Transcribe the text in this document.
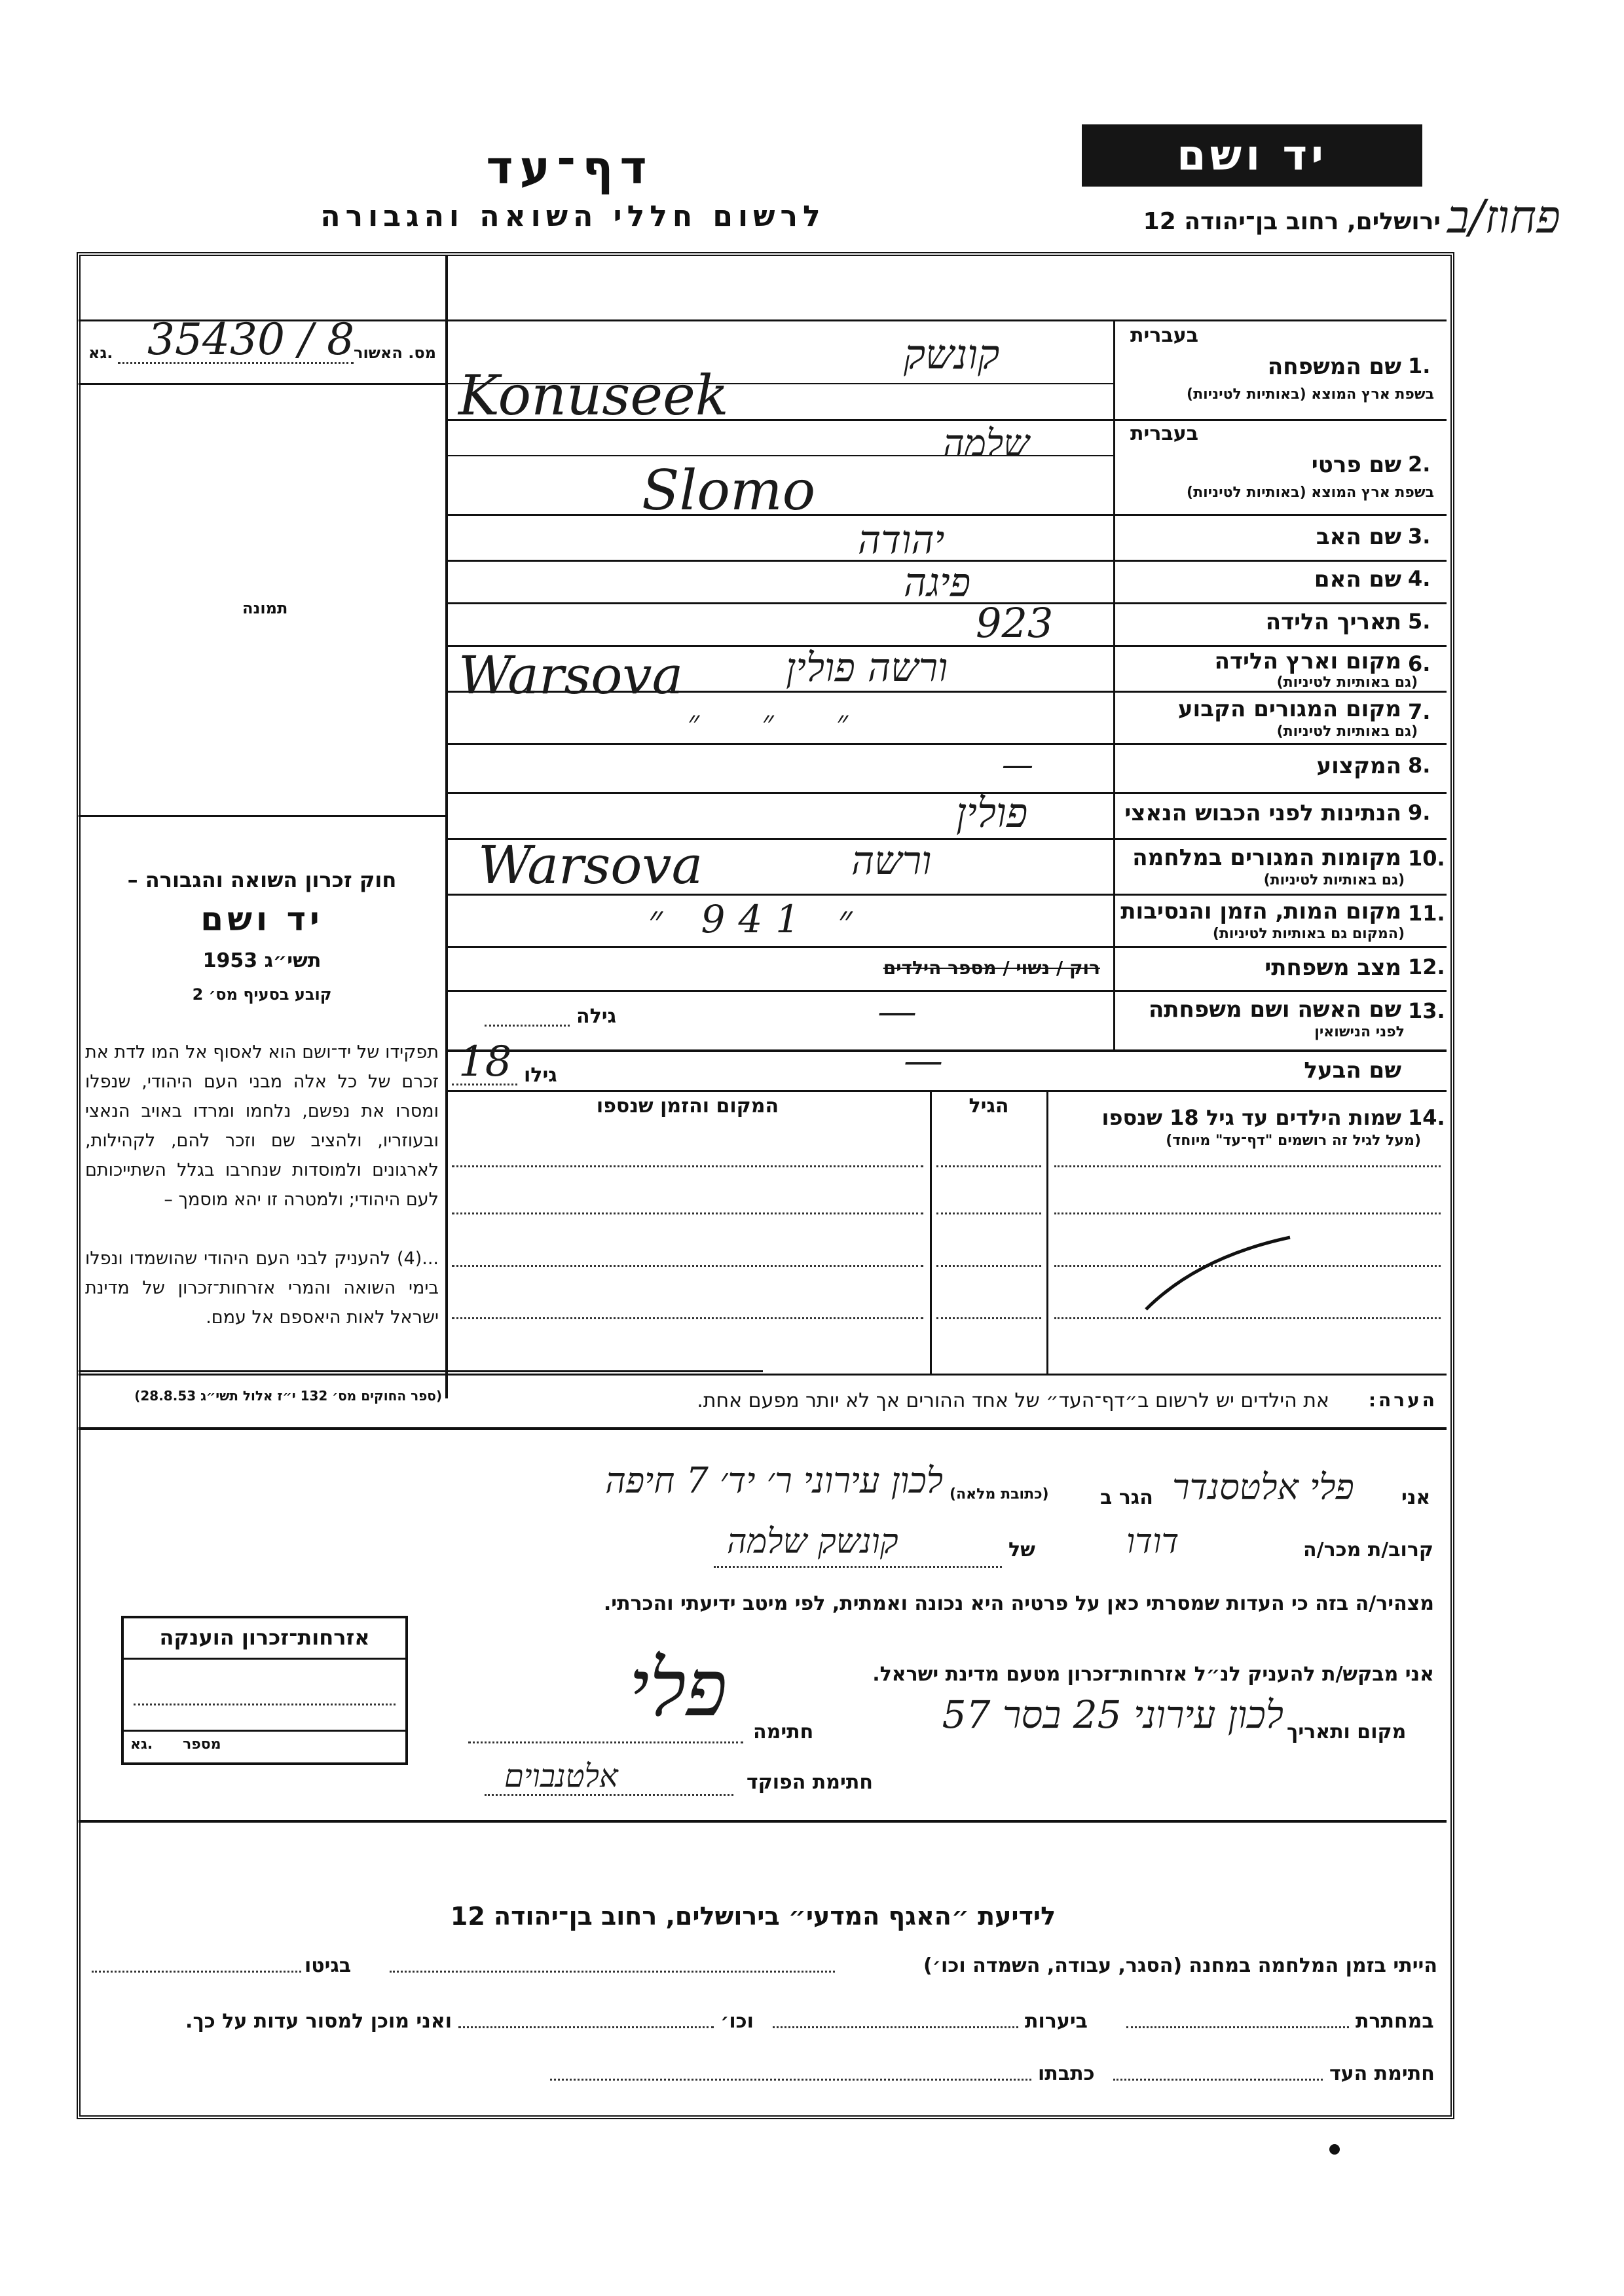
יד ושם
פחוז/ב
דף־עד
לרשום חללי השואה והגבורה	ירושלים, רחוב בן־יהודה 12
מס. האשור
גא. 35430 / 8
תמונה
בעברית
1.
שם המשפחה
בשפת ארץ המוצא (באותיות לטיניות)
קונשק
Konuseek
בעברית
2.
שם פרטי
בשפת ארץ המוצא (באותיות לטיניות)
שלמה
Slomo
3.
שם האב
יהודה
4.
שם האם
פיגה
5.
תאריך הלידה
923
6.
מקום וארץ הלידה
(גם באותיות לטיניות)
ורשה פולין
Warsova
7.
מקום המגורים הקבוע
(גם באותיות לטיניות)
״ ״ ״
8.
המקצוע
—
9.
הנתינות לפני הכבוש הנאצי
פולין
10.
מקומות המגורים במלחמה
(גם באותיות לטיניות)
ורשה
Warsova
11.
מקום המות, הזמן והנסיבות
(המקום גם באותיות לטיניות)
״ 941 ״
12.
מצב משפחתי
רוק / נשוי / מספר הילדים
13.
שם האשה ושם משפחתה
לפני הנישואין
—
גילה
שם הבעל
—
גילו
18
14.
שמות הילדים עד גיל 18 שנספו
(מעל לגיל זה רושמים "דף־עד" מיוחד)
הגיל
המקום והזמן שנספו
חוק זכרון השואה והגבורה –
יד ושם
תשי״ג 1953
קובע בסעיף מס׳ 2
תפקידו של יד־ושם הוא לאסוף אל המו לדת את זכרם של כל אלה מבני העם היהודי, שנפלו ומסרו את נפשם, נלחמו ומרדו באויב הנאצי ובעוזריו, ולהציב שם וזכר להם, לקהילות, לארגונים ולמוסדות שנחרבו בגלל השתייכותם לעם היהודי; ולמטרה זו יהא מוסמך –
...(4) להעניק לבני העם היהודי שהושמדו ונפלו בימי השואה והמרי אזרחות־זכרון של מדינת ישראל לאות היאספם אל עמם.
(ספר החוקים מס׳ 132 י״ז אלול תשי״ג 28.8.53)	הערה:
את הילדים יש לרשום ב״דף־העד״ של אחד ההורים אך לא יותר מפעם אחת.
אני
פלי אלטסנדר
הגר ב
(כתובת מלאה)
לכון עירוני ר׳ יד׳ 7 חיפה
קרוב/ת מכר/ה
דודו
של
קונשק שלמה
מצהיר/ה בזה כי העדות שמסרתי כאן על פרטיה היא נכונה ואמתית, לפי מיטב ידיעתי והכרתי.
אני מבקש/ת להעניק לנ״ל אזרחות־זכרון מטעם מדינת ישראל.
מקום ותאריך
לכון עירוני 25 בסר 57
חתימה
פלי
חתימת הפוקד
אלטנבוים
אזרחות־זכרון הוענקה
מספר
גא.
לידיעת ״האגף המדעי״ בירושלים, רחוב בן־יהודה 12
הייתי בזמן המלחמה במחנה (הסגר, עבודה, השמדה וכו׳)
בגיטו
במחתרת
ביערות
וכו׳
ואני מוכן למסור עדות על כך.
חתימת העד
כתבתו
